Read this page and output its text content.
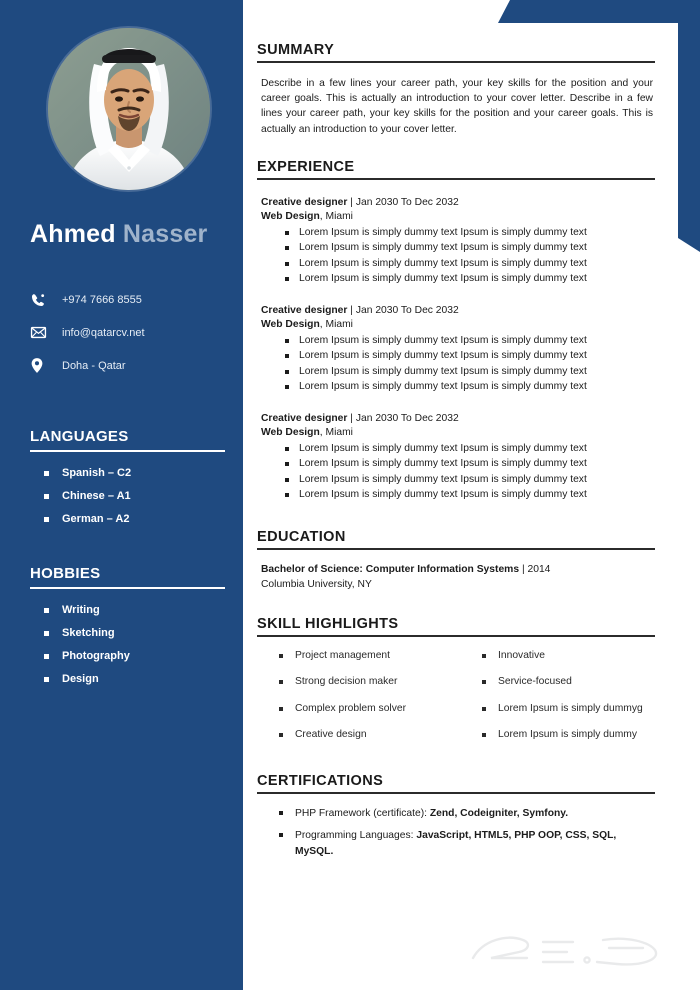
Ahmed Nasser
+974 7666 8555
info@qatarcv.net
Doha - Qatar
LANGUAGES
Spanish – C2
Chinese – A1
German – A2
HOBBIES
Writing
Sketching
Photography
Design
SUMMARY

Describe in a few lines your career path, your key skills for the position and your career goals. This is actually an introduction to your cover letter. Describe in a few lines your career path, your key skills for the position and your career goals. This is actually an introduction to your cover letter.

EXPERIENCE
Creative designer | Jan 2030 To Dec 2032
Web Design, Miami
Lorem Ipsum is simply dummy text Ipsum is simply dummy text
Lorem Ipsum is simply dummy text Ipsum is simply dummy text
Lorem Ipsum is simply dummy text Ipsum is simply dummy text
Lorem Ipsum is simply dummy text Ipsum is simply dummy text
Creative designer | Jan 2030 To Dec 2032
Web Design, Miami
Lorem Ipsum is simply dummy text Ipsum is simply dummy text
Lorem Ipsum is simply dummy text Ipsum is simply dummy text
Lorem Ipsum is simply dummy text Ipsum is simply dummy text
Lorem Ipsum is simply dummy text Ipsum is simply dummy text
Creative designer | Jan 2030 To Dec 2032
Web Design, Miami
Lorem Ipsum is simply dummy text Ipsum is simply dummy text
Lorem Ipsum is simply dummy text Ipsum is simply dummy text
Lorem Ipsum is simply dummy text Ipsum is simply dummy text
Lorem Ipsum is simply dummy text Ipsum is simply dummy text
EDUCATION
Bachelor of Science: Computer Information Systems | 2014
Columbia University, NY
SKILL HIGHLIGHTS
Project management
Strong decision maker
Complex problem solver
Creative design
Innovative
Service-focused
Lorem Ipsum is simply dummyg
Lorem Ipsum is simply dummy
CERTIFICATIONS
PHP Framework (certificate): Zend, Codeigniter, Symfony.
Programming Languages: JavaScript, HTML5, PHP OOP, CSS, SQL, MySQL.
